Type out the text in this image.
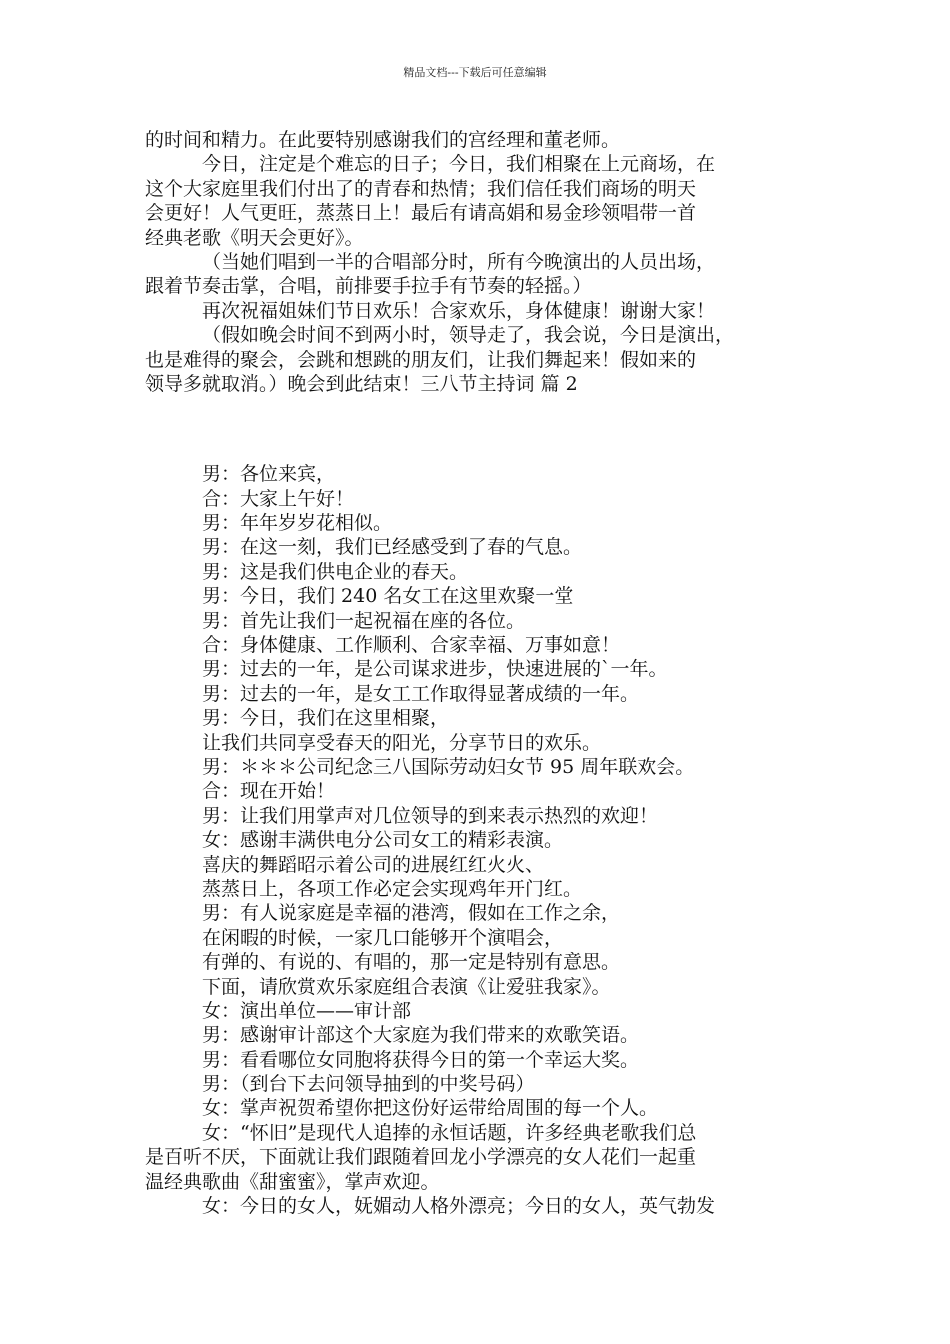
精品文档---下载后可任意编辑
的时间和精力。在此要特别感谢我们的宫经理和董老师。
今日，注定是个难忘的日子；今日，我们相聚在上元商场，在
这个大家庭里我们付出了的青春和热情；我们信任我们商场的明天
会更好！人气更旺，蒸蒸日上！最后有请高娟和易金珍领唱带一首
经典老歌《明天会更好》。
（当她们唱到一半的合唱部分时，所有今晚演出的人员出场，
跟着节奏击掌，合唱，前排要手拉手有节奏的轻摇。）
再次祝福姐妹们节日欢乐！合家欢乐，身体健康！谢谢大家！
（假如晚会时间不到两小时，领导走了，我会说，今日是演出，
也是难得的聚会，会跳和想跳的朋友们，让我们舞起来！假如来的
领导多就取消。）晚会到此结束！三八节主持词 篇 2
男：各位来宾，
合：大家上午好！
男：年年岁岁花相似。
男：在这一刻，我们已经感受到了春的气息。
男：这是我们供电企业的春天。
男：今日，我们 240 名女工在这里欢聚一堂
男：首先让我们一起祝福在座的各位。
合：身体健康、工作顺利、合家幸福、万事如意！
男：过去的一年，是公司谋求进步，快速进展的`一年。
男：过去的一年，是女工工作取得显著成绩的一年。
男：今日，我们在这里相聚，
让我们共同享受春天的阳光，分享节日的欢乐。
男：＊＊＊公司纪念三八国际劳动妇女节 95 周年联欢会。
合：现在开始！
男：让我们用掌声对几位领导的到来表示热烈的欢迎！
女：感谢丰满供电分公司女工的精彩表演。
喜庆的舞蹈昭示着公司的进展红红火火、
蒸蒸日上，各项工作必定会实现鸡年开门红。
男：有人说家庭是幸福的港湾，假如在工作之余，
在闲暇的时候，一家几口能够开个演唱会，
有弹的、有说的、有唱的，那一定是特别有意思。
下面，请欣赏欢乐家庭组合表演《让爱驻我家》。
女：演出单位——审计部
男：感谢审计部这个大家庭为我们带来的欢歌笑语。
男：看看哪位女同胞将获得今日的第一个幸运大奖。
男：（到台下去问领导抽到的中奖号码）
女：掌声祝贺希望你把这份好运带给周围的每一个人。
女：“怀旧”是现代人追捧的永恒话题，许多经典老歌我们总
是百听不厌，下面就让我们跟随着回龙小学漂亮的女人花们一起重
温经典歌曲《甜蜜蜜》，掌声欢迎。
女：今日的女人，妩媚动人格外漂亮；今日的女人，英气勃发
